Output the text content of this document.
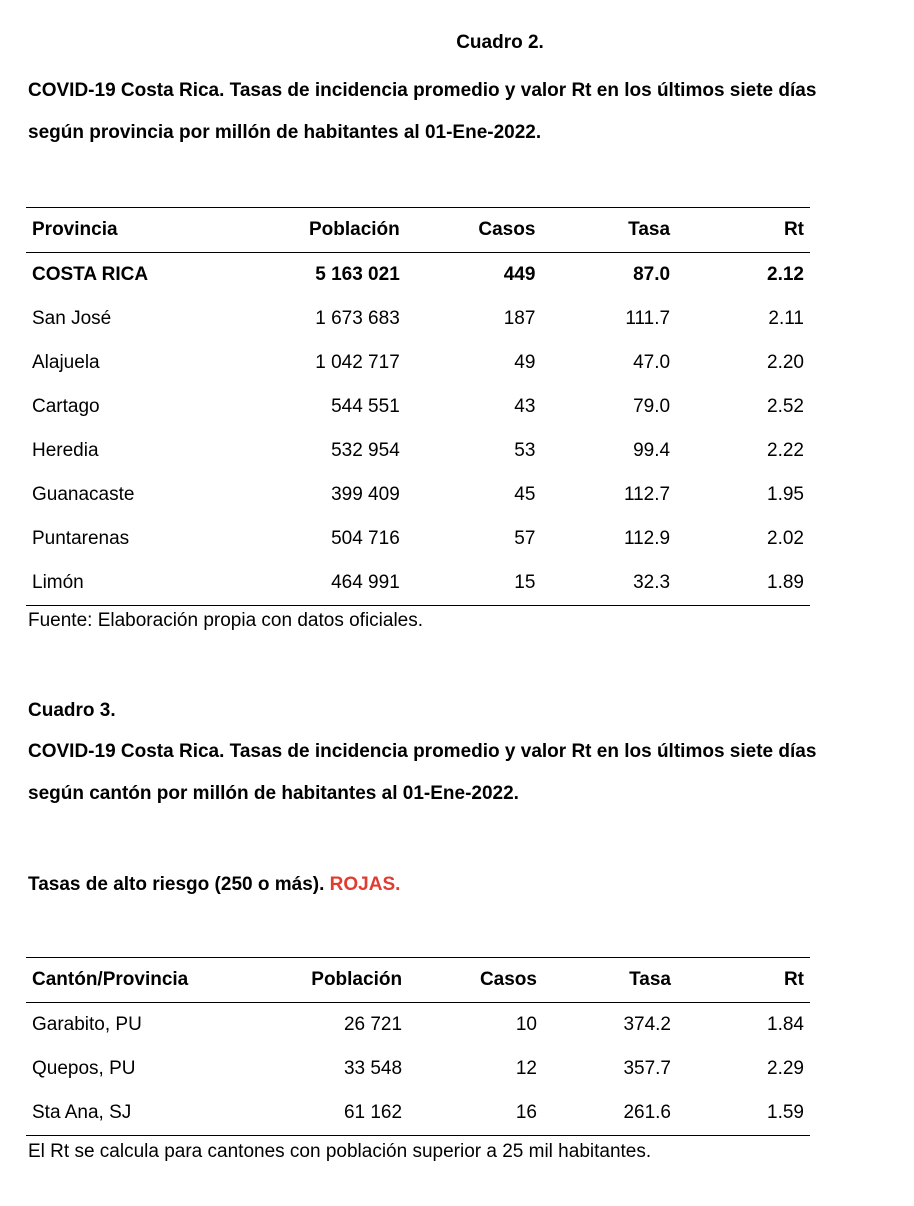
Cuadro 2.
COVID-19 Costa Rica. Tasas de incidencia promedio y valor Rt en los últimos siete días
según provincia por millón de habitantes al 01-Ene-2022.
Provincia	Población	Casos	Tasa	Rt
COSTA RICA	5 163 021	449	87.0	2.12
San José	1 673 683	187	111.7	2.11
Alajuela	1 042 717	49	47.0	2.20
Cartago	544 551	43	79.0	2.52
Heredia	532 954	53	99.4	2.22
Guanacaste	399 409	45	112.7	1.95
Puntarenas	504 716	57	112.9	2.02
Limón	464 991	15	32.3	1.89
Fuente: Elaboración propia con datos oficiales.
Cuadro 3.
COVID-19 Costa Rica. Tasas de incidencia promedio y valor Rt en los últimos siete días
según cantón por millón de habitantes al 01-Ene-2022.
Tasas de alto riesgo (250 o más). ROJAS.
Cantón/Provincia	Población	Casos	Tasa	Rt
Garabito, PU	26 721	10	374.2	1.84
Quepos, PU	33 548	12	357.7	2.29
Sta Ana, SJ	61 162	16	261.6	1.59
El Rt se calcula para cantones con población superior a 25 mil habitantes.
